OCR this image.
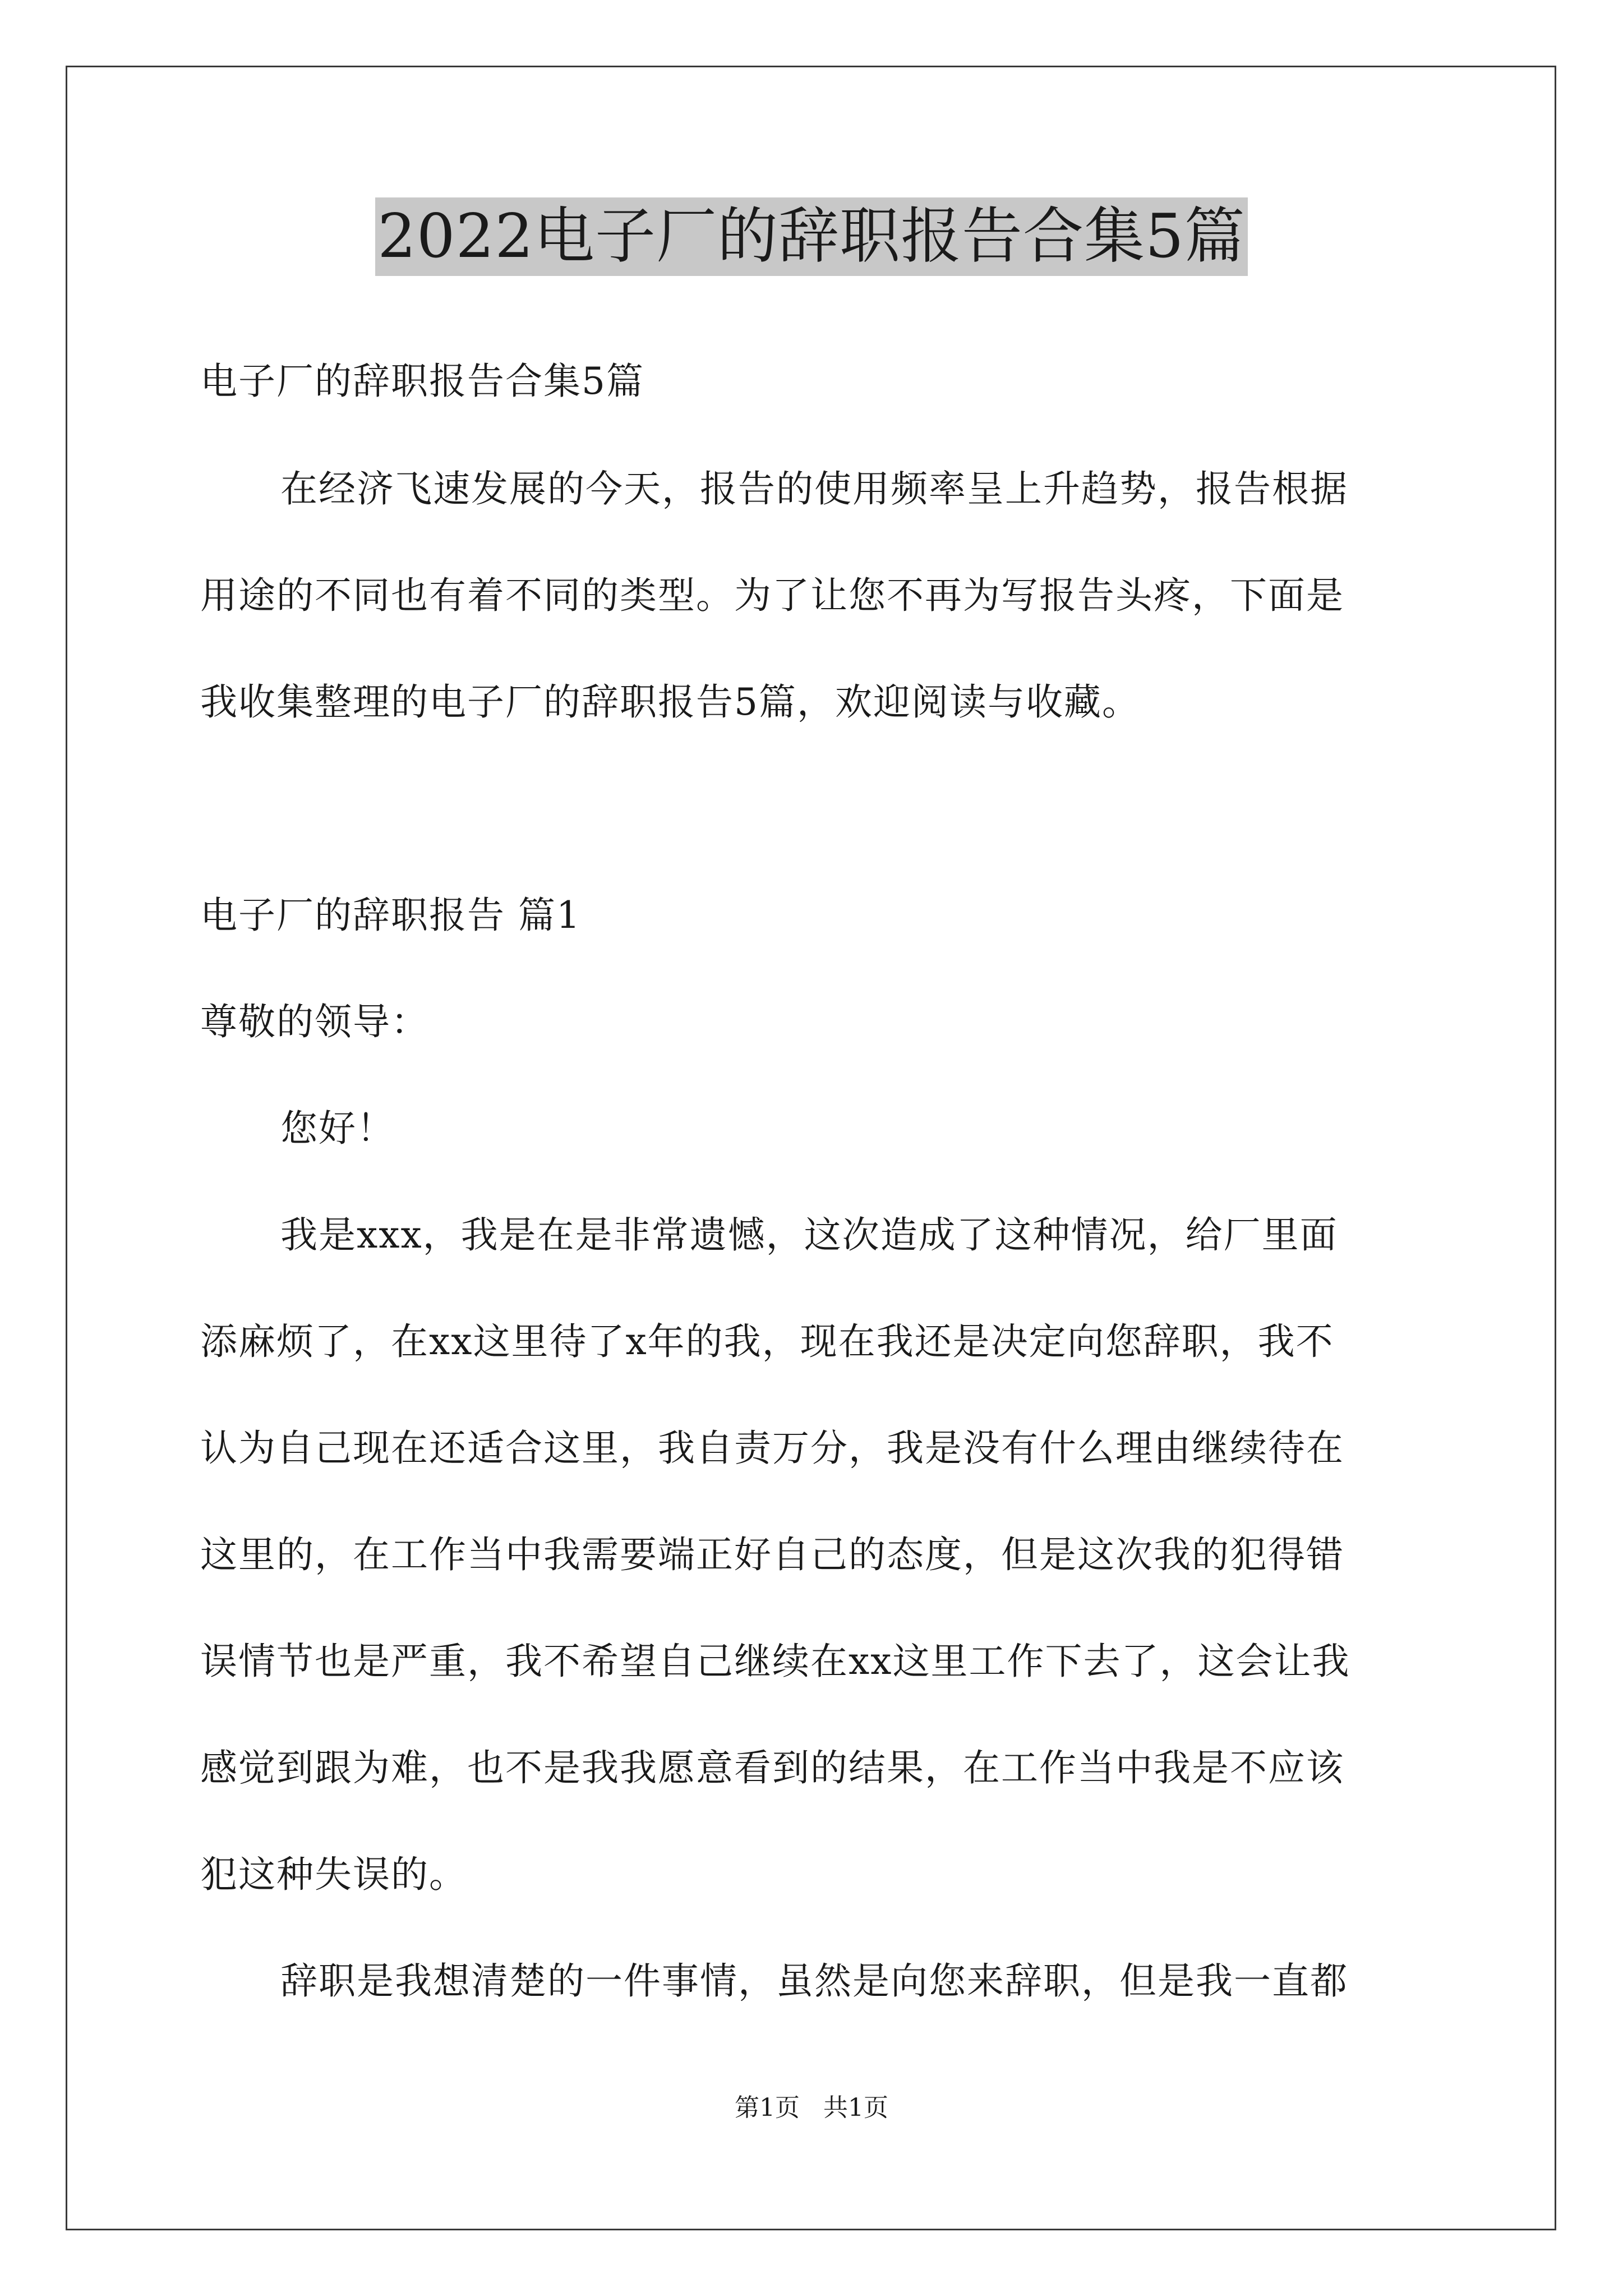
2022电子厂的辞职报告合集5篇
电子厂的辞职报告合集5篇
在经济飞速发展的今天，报告的使用频率呈上升趋势，报告根据
用途的不同也有着不同的类型。为了让您不再为写报告头疼，下面是
我收集整理的电子厂的辞职报告5篇，欢迎阅读与收藏。
电子厂的辞职报告 篇1
尊敬的领导：
您好！
我是xxx，我是在是非常遗憾，这次造成了这种情况，给厂里面
添麻烦了，在xx这里待了x年的我，现在我还是决定向您辞职，我不
认为自己现在还适合这里，我自责万分，我是没有什么理由继续待在
这里的，在工作当中我需要端正好自己的态度，但是这次我的犯得错
误情节也是严重，我不希望自己继续在xx这里工作下去了，这会让我
感觉到跟为难，也不是我我愿意看到的结果，在工作当中我是不应该
犯这种失误的。
辞职是我想清楚的一件事情，虽然是向您来辞职，但是我一直都
第1页   共1页
